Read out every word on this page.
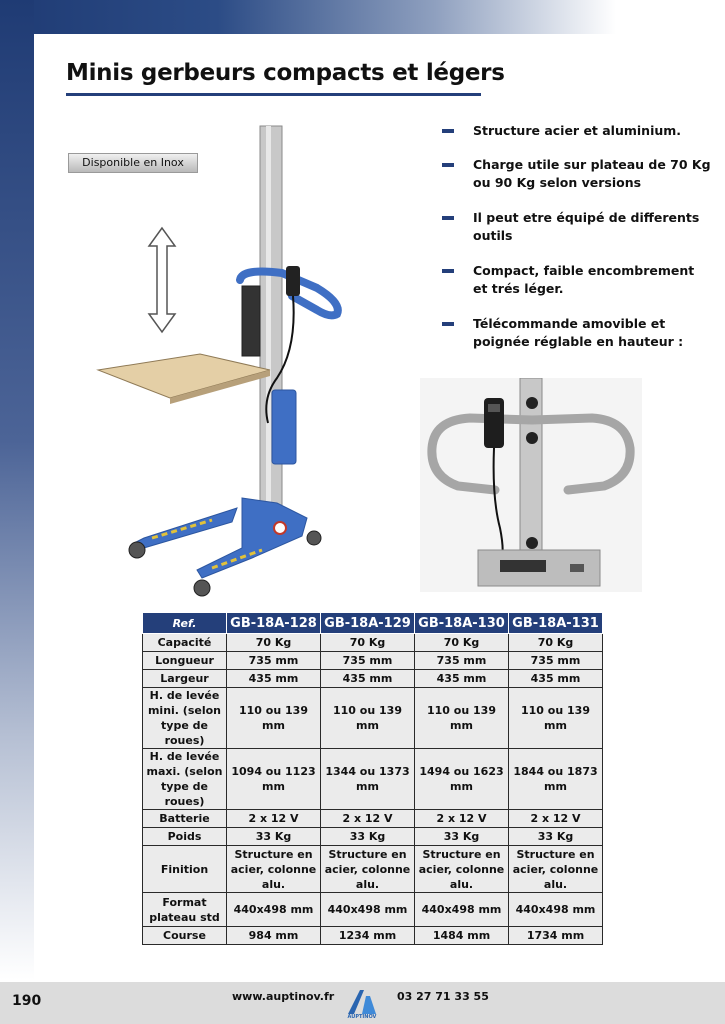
Minis gerbeurs compacts et légers
Disponible en Inox
Structure acier et aluminium.
Charge utile sur plateau de 70 Kg ou 90 Kg selon versions
Il peut etre équipé de differents outils
Compact, faible encombrement et trés léger.
Télécommande amovible et poignée réglable en hauteur :
Ref.	GB-18A-128	GB-18A-129	GB-18A-130	GB-18A-131
Capacité	70 Kg	70 Kg	70 Kg	70 Kg
Longueur	735 mm	735 mm	735 mm	735 mm
Largeur	435 mm	435 mm	435 mm	435 mm
H. de levée mini. (selon type de roues)	110 ou 139 mm	110 ou 139 mm	110 ou 139 mm	110 ou 139 mm
H. de levée maxi. (selon type de roues)	1094 ou 1123 mm	1344 ou 1373 mm	1494 ou 1623 mm	1844 ou 1873 mm
Batterie	2 x 12 V	2 x 12 V	2 x 12 V	2 x 12 V
Poids	33 Kg	33 Kg	33 Kg	33 Kg
Finition	Structure en acier, colonne alu.	Structure en acier, colonne alu.	Structure en acier, colonne alu.	Structure en acier, colonne alu.
Format plateau std	440x498 mm	440x498 mm	440x498 mm	440x498 mm
Course	984 mm	1234 mm	1484 mm	1734 mm
190	www.auptinov.fr
AUPTINOV
03 27 71 33 55
